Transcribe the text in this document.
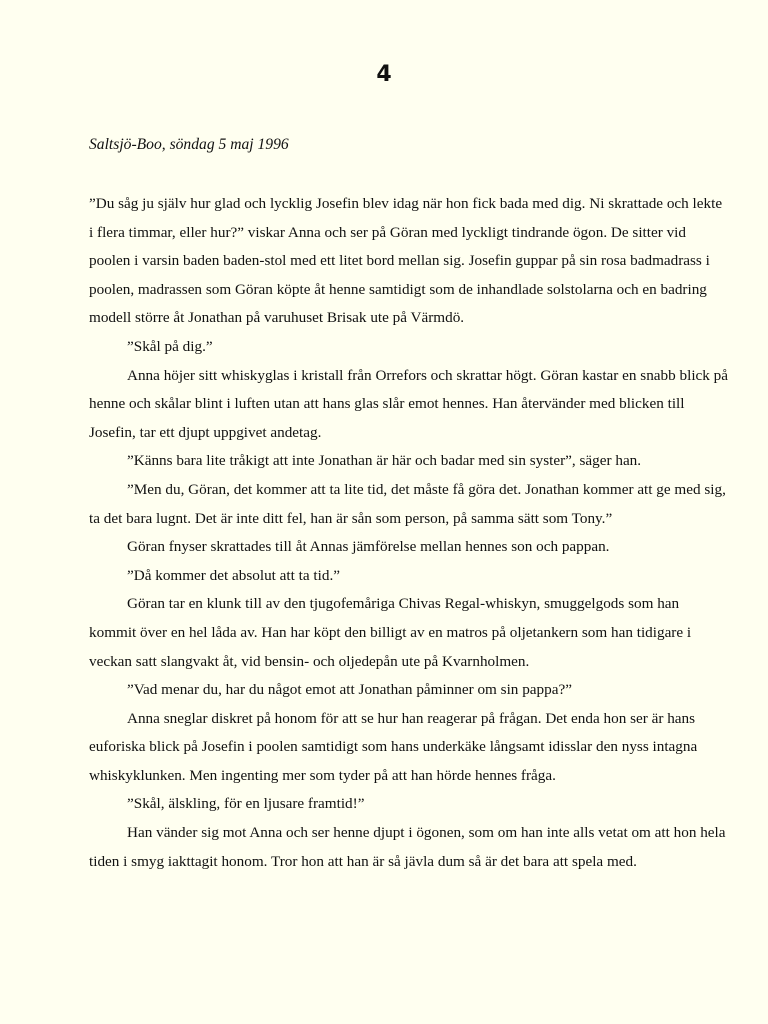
4

Saltsjö-Boo, söndag 5 maj 1996

”Du såg ju själv hur glad och lycklig Josefin blev idag när hon fick bada med dig. Ni skrattade och lekte i flera timmar, eller hur?” viskar Anna och ser på Göran med lyckligt tindrande ögon. De sitter vid poolen i varsin baden baden-stol med ett litet bord mellan sig. Josefin guppar på sin rosa badmadrass i poolen, madrassen som Göran köpte åt henne samtidigt som de inhandlade solstolarna och en badring modell större åt Jonathan på varuhuset Brisak ute på Värmdö.

”Skål på dig.”

Anna höjer sitt whiskyglas i kristall från Orrefors och skrattar högt. Göran kastar en snabb blick på henne och skålar blint i luften utan att hans glas slår emot hennes. Han återvänder med blicken till Josefin, tar ett djupt uppgivet andetag.

”Känns bara lite tråkigt att inte Jonathan är här och badar med sin syster”, säger han.

”Men du, Göran, det kommer att ta lite tid, det måste få göra det. Jonathan kommer att ge med sig, ta det bara lugnt. Det är inte ditt fel, han är sån som person, på samma sätt som Tony.”

Göran fnyser skrattades till åt Annas jämförelse mellan hennes son och pappan.

”Då kommer det absolut att ta tid.”

Göran tar en klunk till av den tjugofemåriga Chivas Regal-whiskyn, smuggelgods som han kommit över en hel låda av. Han har köpt den billigt av en matros på oljetankern som han tidigare i veckan satt slangvakt åt, vid bensin- och oljedepån ute på Kvarnholmen.

”Vad menar du, har du något emot att Jonathan påminner om sin pappa?”

Anna sneglar diskret på honom för att se hur han reagerar på frågan. Det enda hon ser är hans euforiska blick på Josefin i poolen samtidigt som hans underkäke långsamt idisslar den nyss intagna whiskyklunken. Men ingenting mer som tyder på att han hörde hennes fråga.

”Skål, älskling, för en ljusare framtid!”

Han vänder sig mot Anna och ser henne djupt i ögonen, som om han inte alls vetat om att hon hela tiden i smyg iakttagit honom. Tror hon att han är så jävla dum så är det bara att spela med.
